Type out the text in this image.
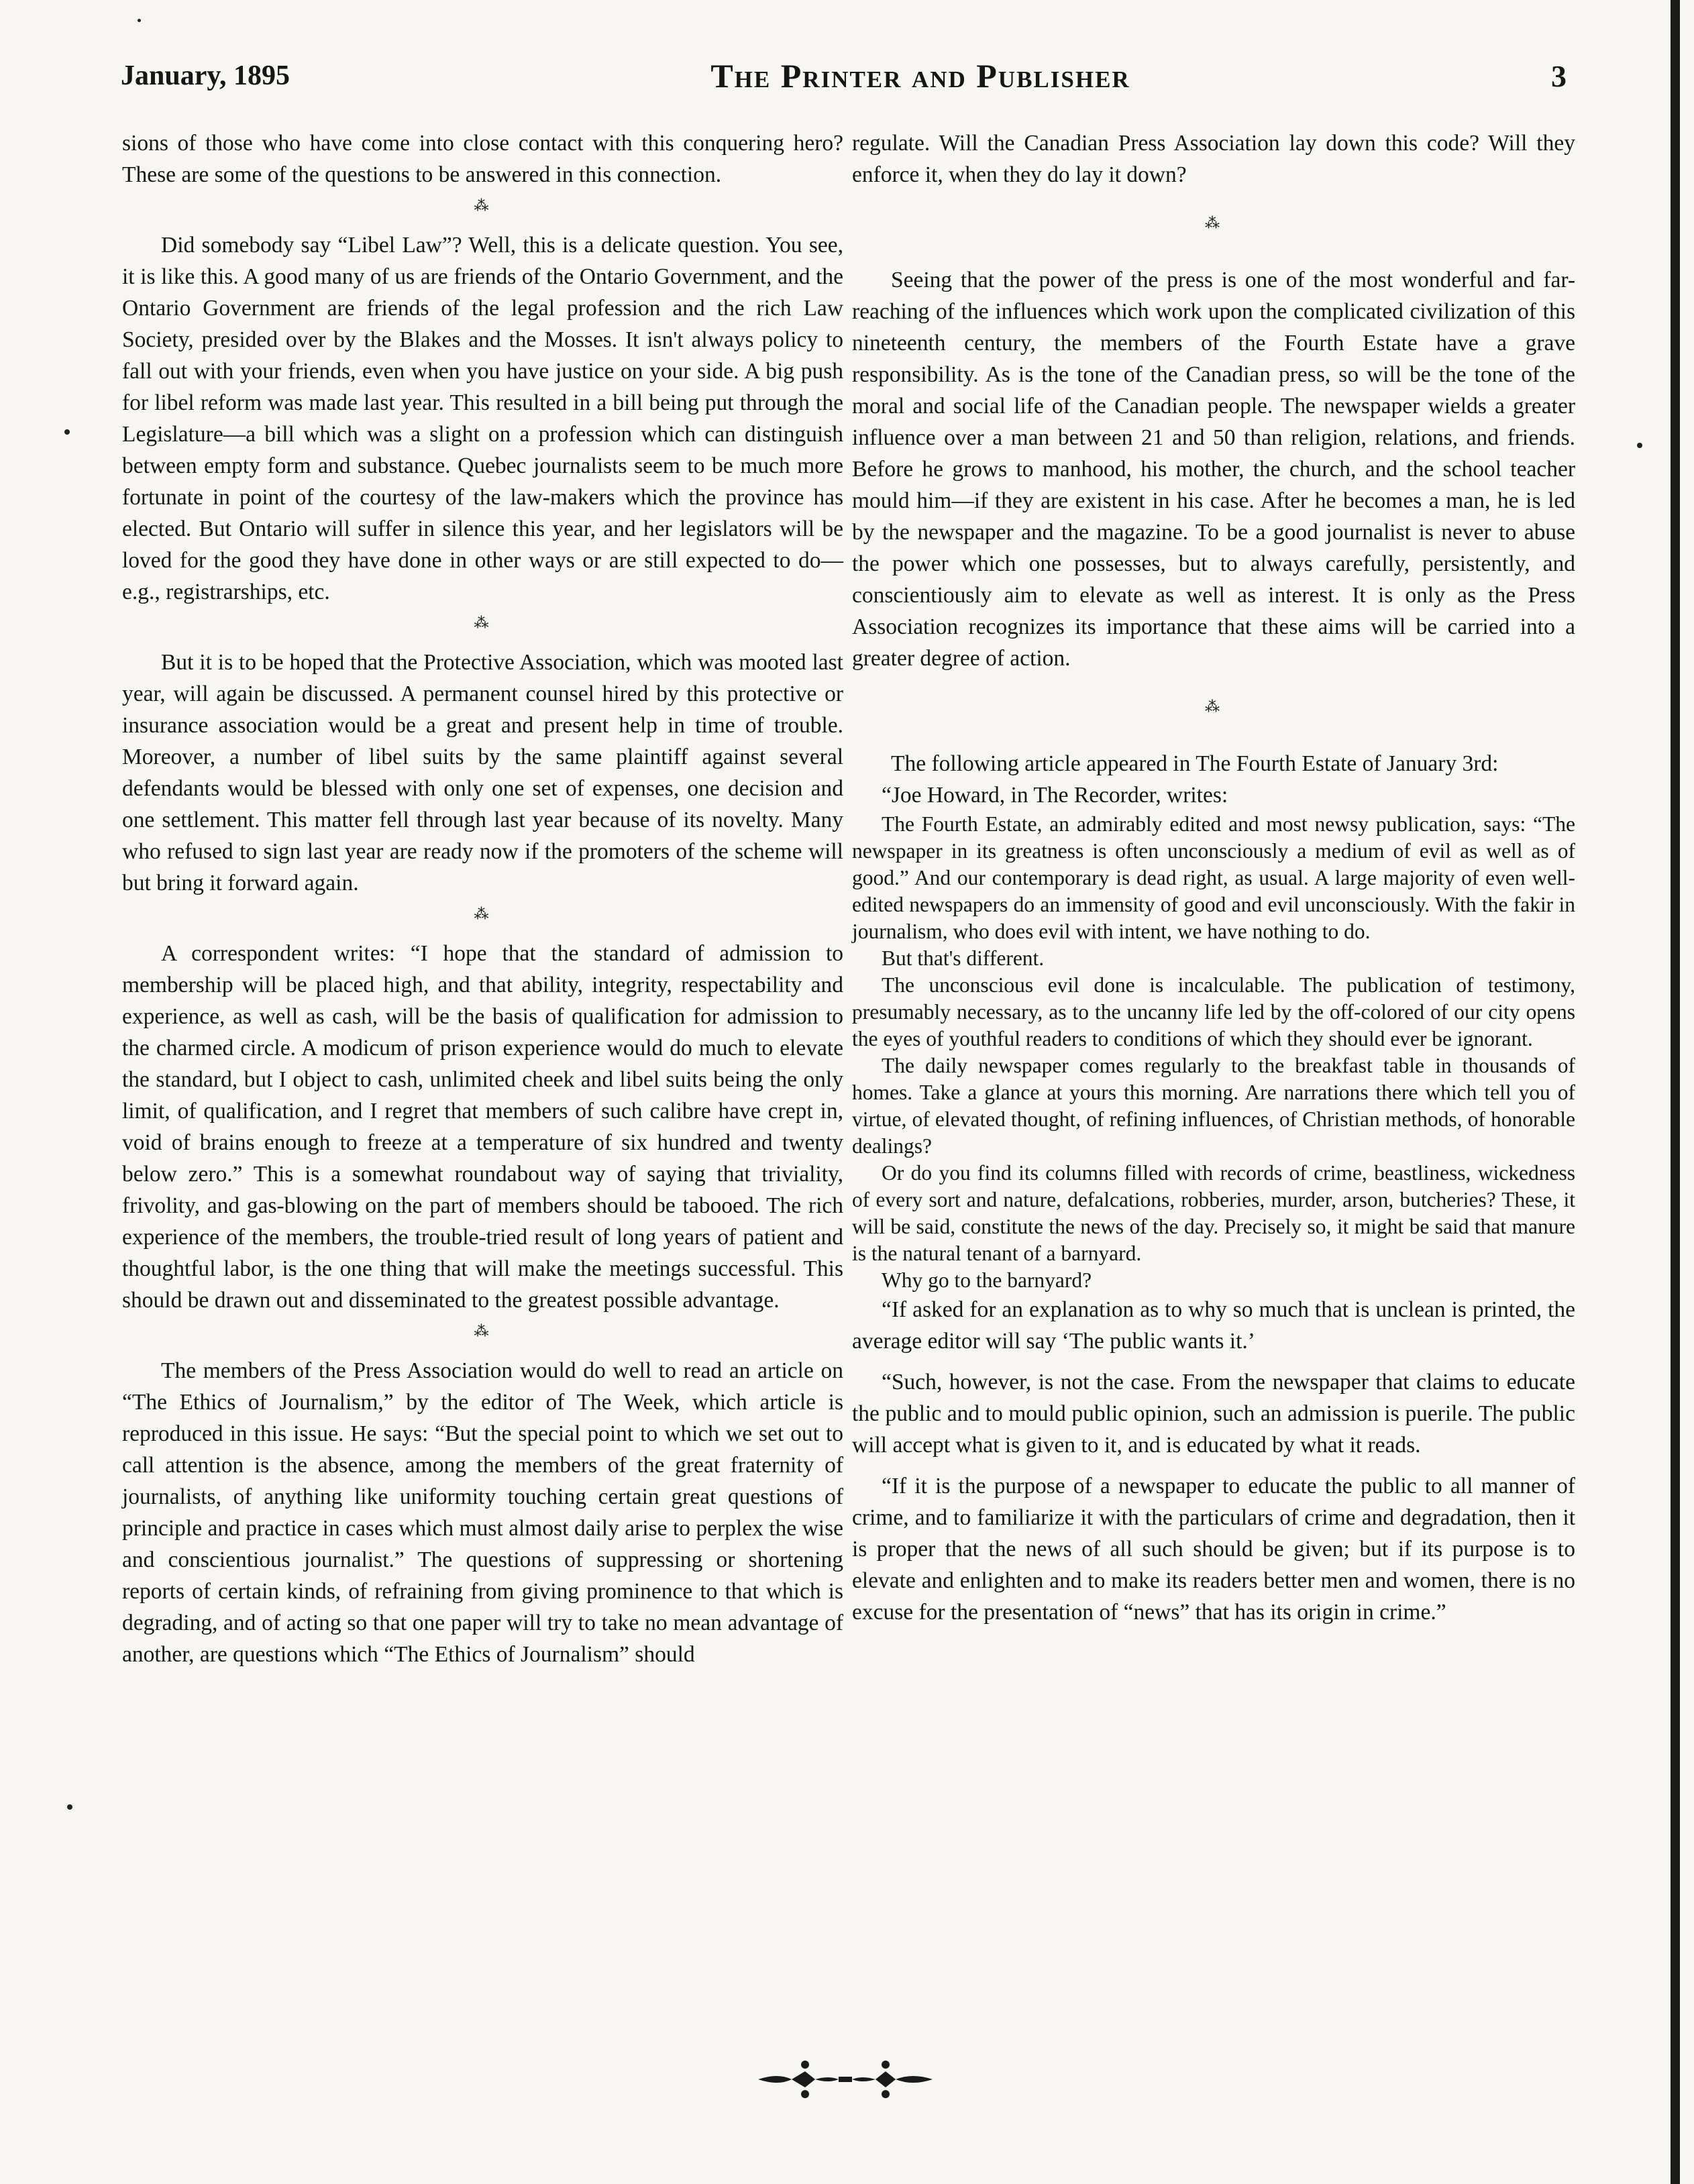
January, 1895	The Printer and Publisher	3

sions of those who have come into close contact with this conquering hero? These are some of the questions to be answered in this connection.

⁂

Did somebody say “Libel Law”? Well, this is a delicate question. You see, it is like this. A good many of us are friends of the Ontario Government, and the Ontario Government are friends of the legal profession and the rich Law Society, presided over by the Blakes and the Mosses. It isn't always policy to fall out with your friends, even when you have justice on your side. A big push for libel reform was made last year. This resulted in a bill being put through the Legislature—a bill which was a slight on a profession which can distinguish between empty form and substance. Quebec journalists seem to be much more fortunate in point of the courtesy of the law-makers which the province has elected. But Ontario will suffer in silence this year, and her legislators will be loved for the good they have done in other ways or are still expected to do—e.g., registrarships, etc.

⁂

But it is to be hoped that the Protective Association, which was mooted last year, will again be discussed. A permanent counsel hired by this protective or insurance association would be a great and present help in time of trouble. Moreover, a number of libel suits by the same plaintiff against several defendants would be blessed with only one set of expenses, one decision and one settlement. This matter fell through last year because of its novelty. Many who refused to sign last year are ready now if the promoters of the scheme will but bring it forward again.

⁂

A correspondent writes: “I hope that the standard of admission to membership will be placed high, and that ability, integrity, respectability and experience, as well as cash, will be the basis of qualification for admission to the charmed circle. A modicum of prison experience would do much to elevate the standard, but I object to cash, unlimited cheek and libel suits being the only limit, of qualification, and I regret that members of such calibre have crept in, void of brains enough to freeze at a temperature of six hundred and twenty below zero.” This is a somewhat roundabout way of saying that triviality, frivolity, and gas-blowing on the part of members should be tabooed. The rich experience of the members, the trouble-tried result of long years of patient and thoughtful labor, is the one thing that will make the meetings successful. This should be drawn out and disseminated to the greatest possible advantage.

⁂

The members of the Press Association would do well to read an article on “The Ethics of Journalism,” by the editor of The Week, which article is reproduced in this issue. He says: “But the special point to which we set out to call attention is the absence, among the members of the great fraternity of journalists, of anything like uniformity touching certain great questions of principle and practice in cases which must almost daily arise to perplex the wise and conscientious journalist.” The questions of suppressing or shortening reports of certain kinds, of refraining from giving prominence to that which is degrading, and of acting so that one paper will try to take no mean advantage of another, are questions which “The Ethics of Journalism” should

regulate. Will the Canadian Press Association lay down this code? Will they enforce it, when they do lay it down?

⁂

Seeing that the power of the press is one of the most wonderful and far-reaching of the influences which work upon the complicated civilization of this nineteenth century, the members of the Fourth Estate have a grave responsibility. As is the tone of the Canadian press, so will be the tone of the moral and social life of the Canadian people. The newspaper wields a greater influence over a man between 21 and 50 than religion, relations, and friends. Before he grows to manhood, his mother, the church, and the school teacher mould him—if they are existent in his case. After he becomes a man, he is led by the newspaper and the magazine. To be a good journalist is never to abuse the power which one possesses, but to always carefully, persistently, and conscientiously aim to elevate as well as interest. It is only as the Press Association recognizes its importance that these aims will be carried into a greater degree of action.

⁂

The following article appeared in The Fourth Estate of January 3rd:

“Joe Howard, in The Recorder, writes:

The Fourth Estate, an admirably edited and most newsy publication, says: “The newspaper in its greatness is often unconsciously a medium of evil as well as of good.” And our contemporary is dead right, as usual. A large majority of even well-edited newspapers do an immensity of good and evil unconsciously. With the fakir in journalism, who does evil with intent, we have nothing to do.

But that's different.

The unconscious evil done is incalculable. The publication of testimony, presumably necessary, as to the uncanny life led by the off-colored of our city opens the eyes of youthful readers to conditions of which they should ever be ignorant.

The daily newspaper comes regularly to the breakfast table in thousands of homes. Take a glance at yours this morning. Are narrations there which tell you of virtue, of elevated thought, of refining influences, of Christian methods, of honorable dealings?

Or do you find its columns filled with records of crime, beastliness, wickedness of every sort and nature, defalcations, robberies, murder, arson, butcheries? These, it will be said, constitute the news of the day. Precisely so, it might be said that manure is the natural tenant of a barnyard.

Why go to the barnyard?

“If asked for an explanation as to why so much that is unclean is printed, the average editor will say ‘The public wants it.’

“Such, however, is not the case. From the newspaper that claims to educate the public and to mould public opinion, such an admission is puerile. The public will accept what is given to it, and is educated by what it reads.

“If it is the purpose of a newspaper to educate the public to all manner of crime, and to familiarize it with the particulars of crime and degradation, then it is proper that the news of all such should be given; but if its purpose is to elevate and enlighten and to make its readers better men and women, there is no excuse for the presentation of “news” that has its origin in crime.”
